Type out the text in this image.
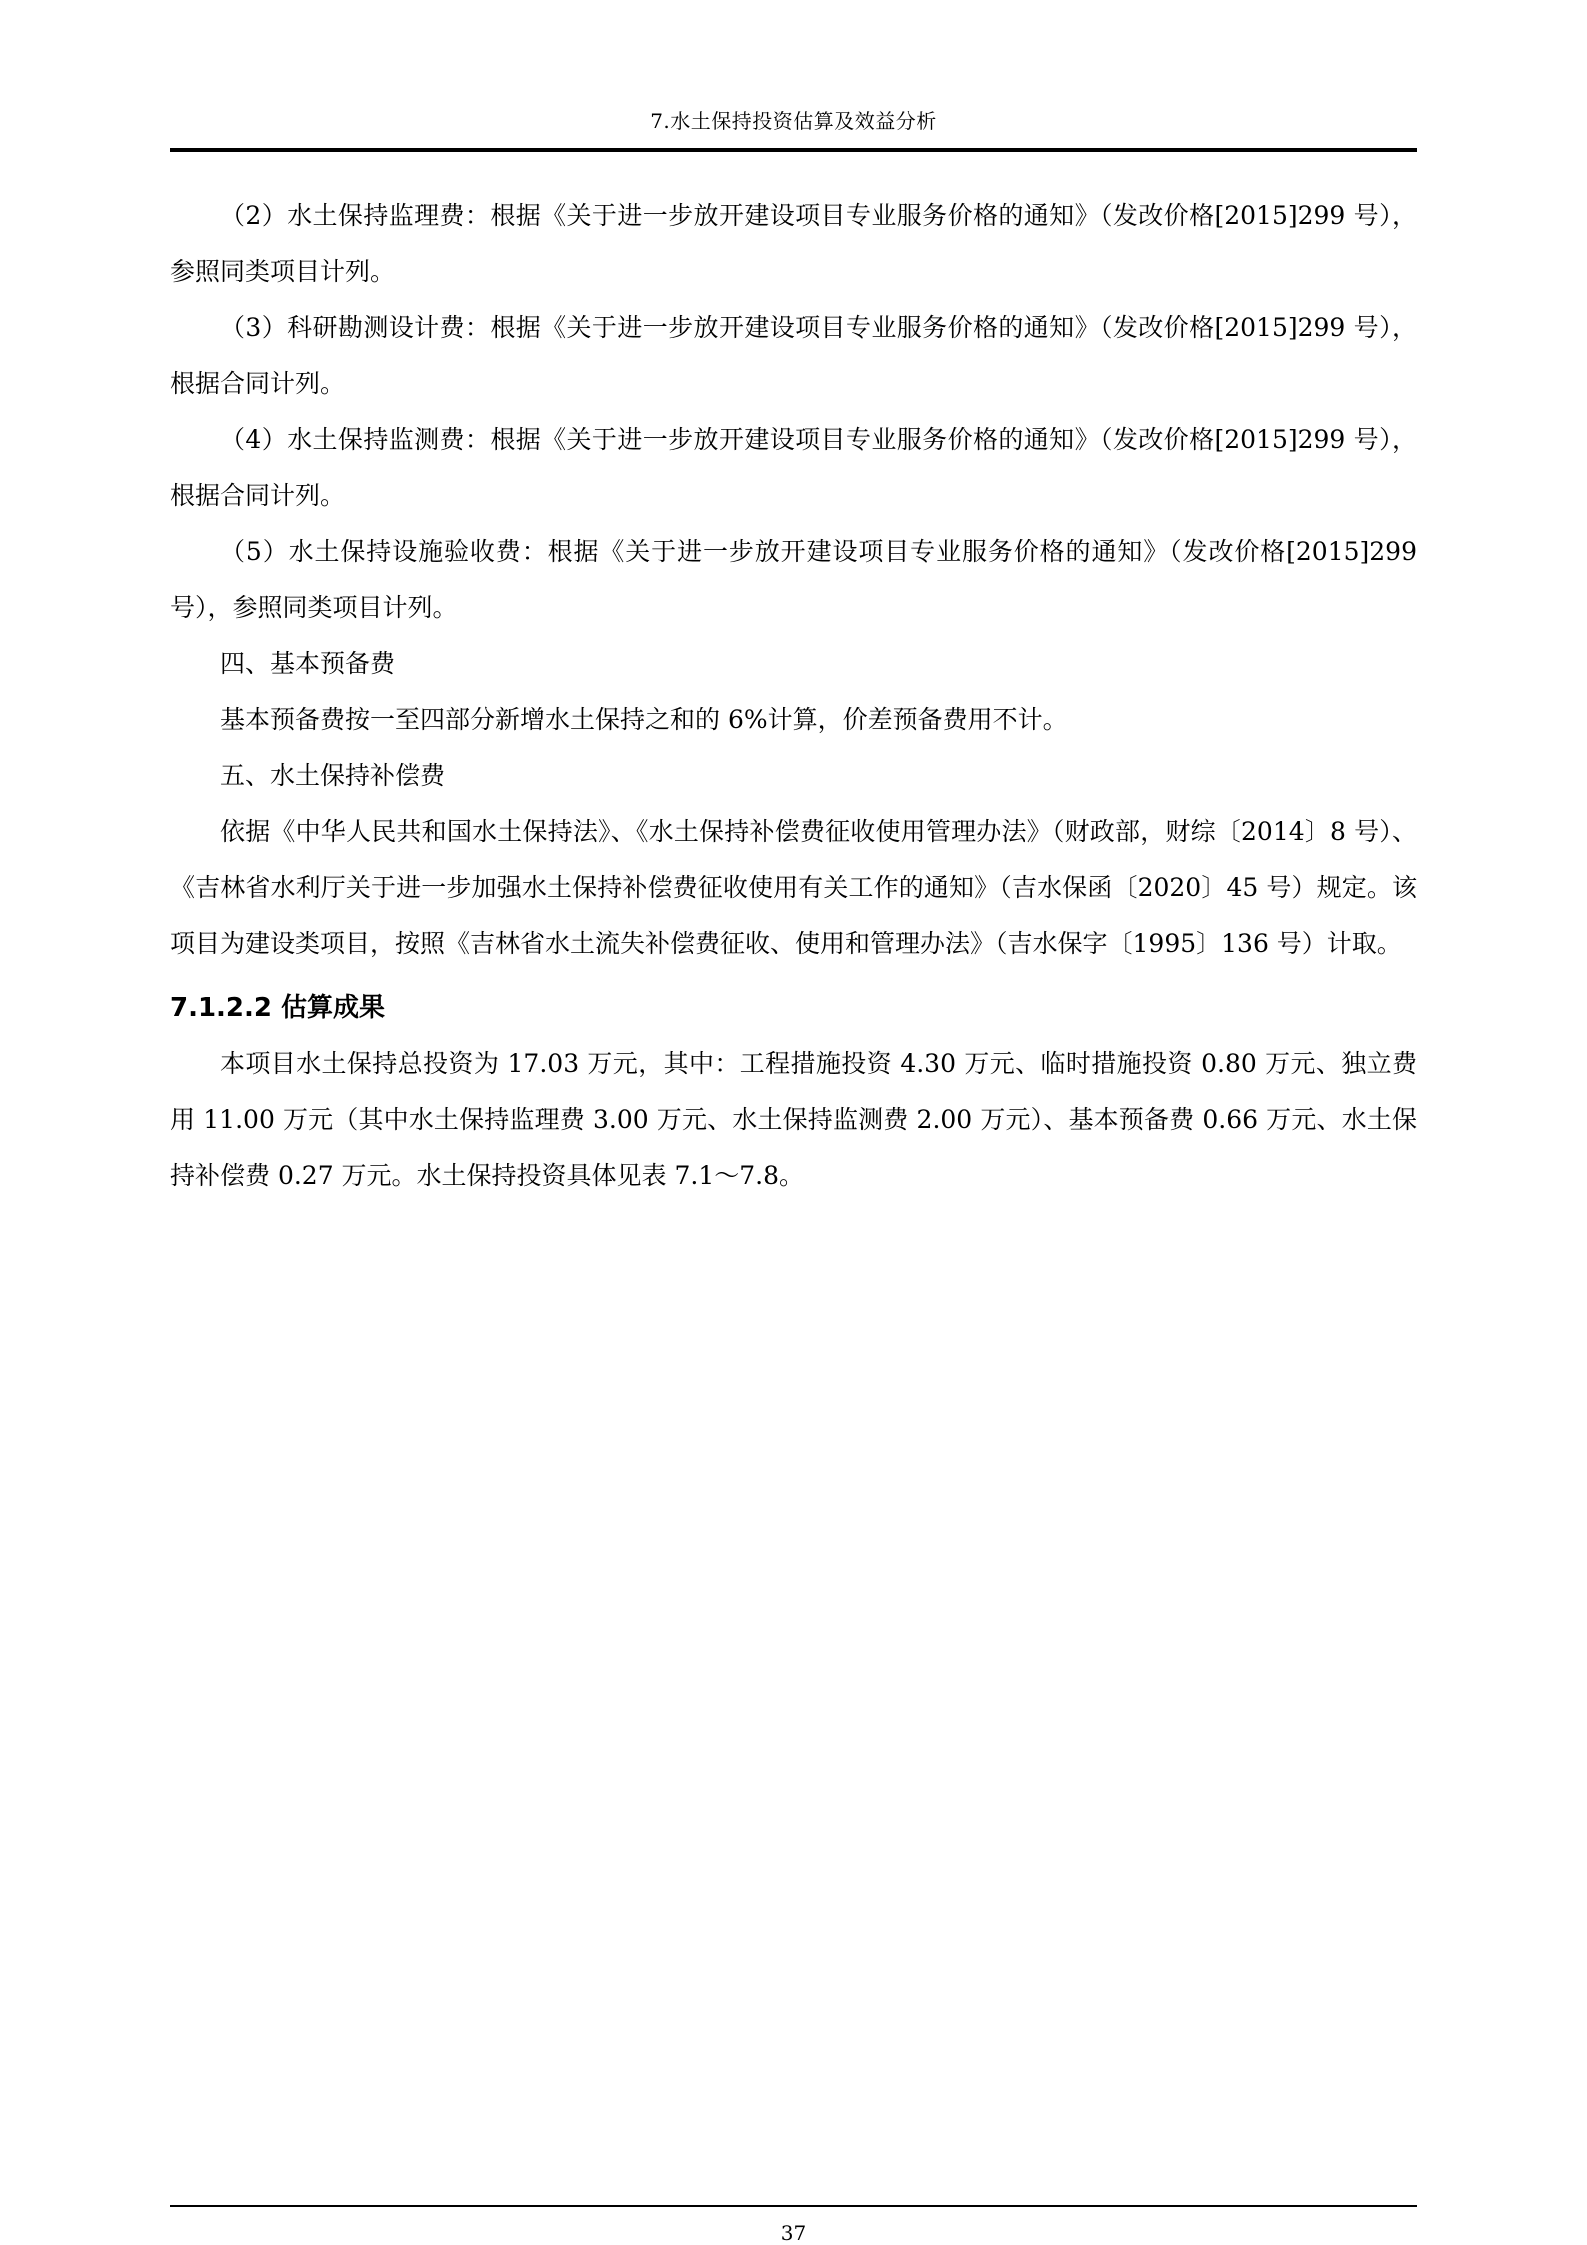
7.水土保持投资估算及效益分析

（2）水土保持监理费：根据《关于进一步放开建设项目专业服务价格的通知》（发改价格[2015]299 号），参照同类项目计列。

（3）科研勘测设计费：根据《关于进一步放开建设项目专业服务价格的通知》（发改价格[2015]299 号），根据合同计列。

（4）水土保持监测费：根据《关于进一步放开建设项目专业服务价格的通知》（发改价格[2015]299 号），根据合同计列。

（5）水土保持设施验收费：根据《关于进一步放开建设项目专业服务价格的通知》（发改价格[2015]299 号），参照同类项目计列。

四、基本预备费

基本预备费按一至四部分新增水土保持之和的 6%计算，价差预备费用不计。

五、水土保持补偿费

依据《中华人民共和国水土保持法》、《水土保持补偿费征收使用管理办法》（财政部，财综〔2014〕8 号）、《吉林省水利厅关于进一步加强水土保持补偿费征收使用有关工作的通知》（吉水保函〔2020〕45 号）规定。该项目为建设类项目，按照《吉林省水土流失补偿费征收、使用和管理办法》（吉水保字〔1995〕136 号）计取。

7.1.2.2 估算成果

本项目水土保持总投资为 17.03 万元，其中：工程措施投资 4.30 万元、临时措施投资 0.80 万元、独立费用 11.00 万元（其中水土保持监理费 3.00 万元、水土保持监测费 2.00 万元）、基本预备费 0.66 万元、水土保持补偿费 0.27 万元。水土保持投资具体见表 7.1～7.8。

37
